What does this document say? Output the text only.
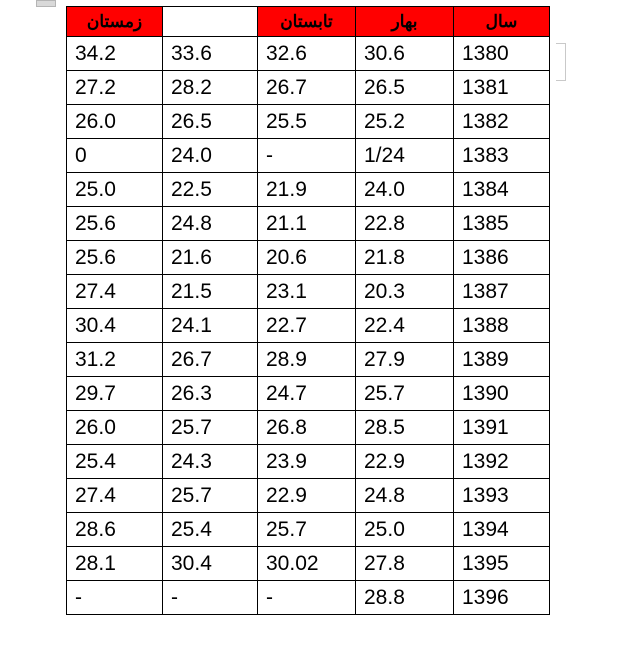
سال	بهار	تابستان		زمستان
1380	30.6	32.6	33.6	34.2
1381	26.5	26.7	28.2	27.2
1382	25.2	25.5	26.5	26.0
1383	1/24	-	24.0	0
1384	24.0	21.9	22.5	25.0
1385	22.8	21.1	24.8	25.6
1386	21.8	20.6	21.6	25.6
1387	20.3	23.1	21.5	27.4
1388	22.4	22.7	24.1	30.4
1389	27.9	28.9	26.7	31.2
1390	25.7	24.7	26.3	29.7
1391	28.5	26.8	25.7	26.0
1392	22.9	23.9	24.3	25.4
1393	24.8	22.9	25.7	27.4
1394	25.0	25.7	25.4	28.6
1395	27.8	30.02	30.4	28.1
1396	28.8	-	-	-
